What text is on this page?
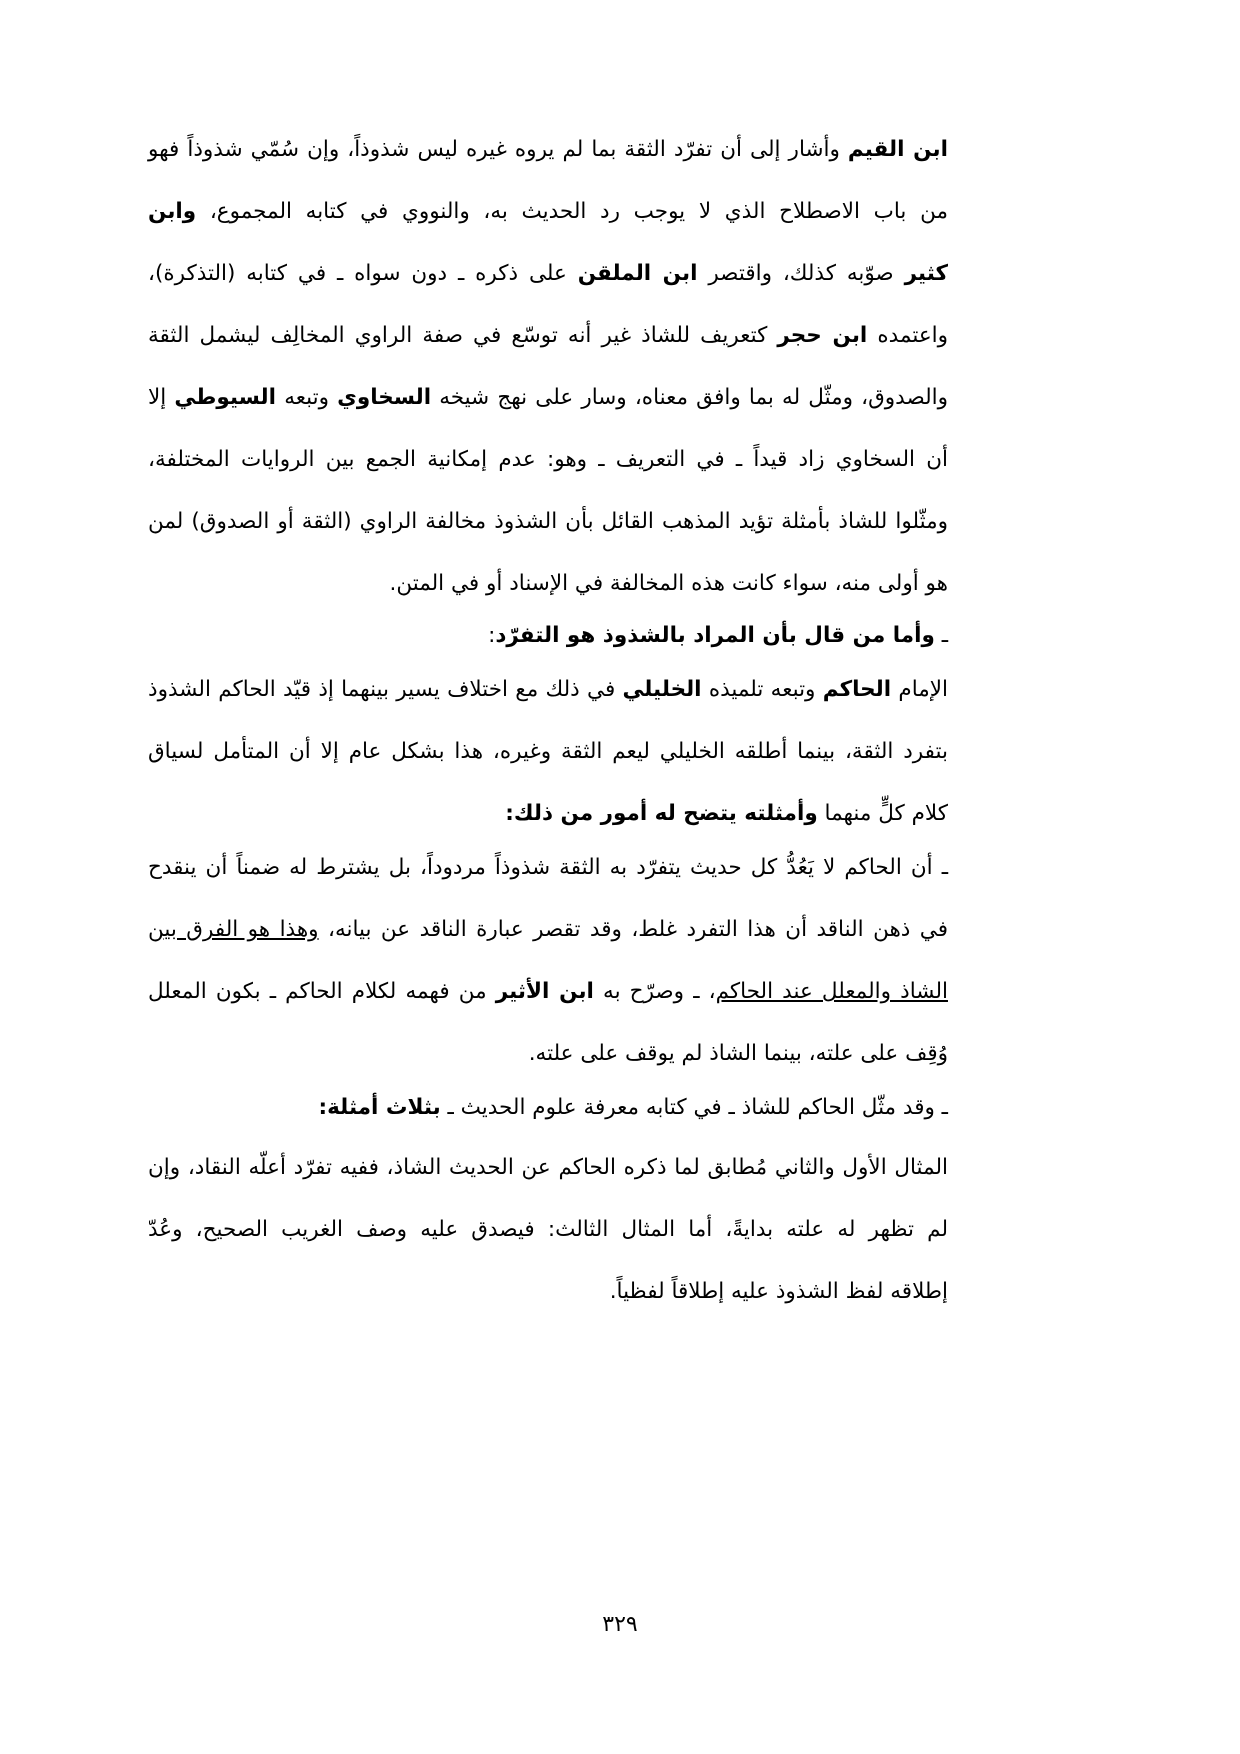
ابن القيم وأشار إلى أن تفرّد الثقة بما لم يروه غيره ليس شذوذاً، وإن سُمّي شذوذاً فهو
من باب الاصطلاح الذي لا يوجب رد الحديث به، والنووي في كتابه المجموع، وابن
كثير صوّبه كذلك، واقتصر ابن الملقن على ذكره ـ دون سواه ـ في كتابه (التذكرة)،
واعتمده ابن حجر كتعريف للشاذ غير أنه توسّع في صفة الراوي المخالِف ليشمل الثقة
والصدوق، ومثّل له بما وافق معناه، وسار على نهج شيخه السخاوي وتبعه السيوطي إلا
أن السخاوي زاد قيداً ـ في التعريف ـ وهو: عدم إمكانية الجمع بين الروايات المختلفة،
ومثّلوا للشاذ بأمثلة تؤيد المذهب القائل بأن الشذوذ مخالفة الراوي (الثقة أو الصدوق) لمن
هو أولى منه، سواء كانت هذه المخالفة في الإسناد أو في المتن.
ـ وأما من قال بأن المراد بالشذوذ هو التفرّد:
الإمام الحاكم وتبعه تلميذه الخليلي في ذلك مع اختلاف يسير بينهما إذ قيّد الحاكم الشذوذ
بتفرد الثقة، بينما أطلقه الخليلي ليعم الثقة وغيره، هذا بشكل عام إلا أن المتأمل لسياق
كلام كلٍّ منهما وأمثلته يتضح له أمور من ذلك:
ـ أن الحاكم لا يَعُدُّ كل حديث يتفرّد به الثقة شذوذاً مردوداً، بل يشترط له ضمناً أن ينقدح
في ذهن الناقد أن هذا التفرد غلط، وقد تقصر عبارة الناقد عن بيانه، وهذا هو الفرق بين
الشاذ والمعلل عند الحاكم، ـ وصرّح به ابن الأثير من فهمه لكلام الحاكم ـ بكون المعلل
وُقِف على علته، بينما الشاذ لم يوقف على علته.
ـ وقد مثّل الحاكم للشاذ ـ في كتابه معرفة علوم الحديث ـ بثلاث أمثلة:
المثال الأول والثاني مُطابق لما ذكره الحاكم عن الحديث الشاذ، ففيه تفرّد أعلّه النقاد، وإن
لم تظهر له علته بدايةً، أما المثال الثالث: فيصدق عليه وصف الغريب الصحيح، وعُدّ
إطلاقه لفظ الشذوذ عليه إطلاقاً لفظياً.
٣٢٩
